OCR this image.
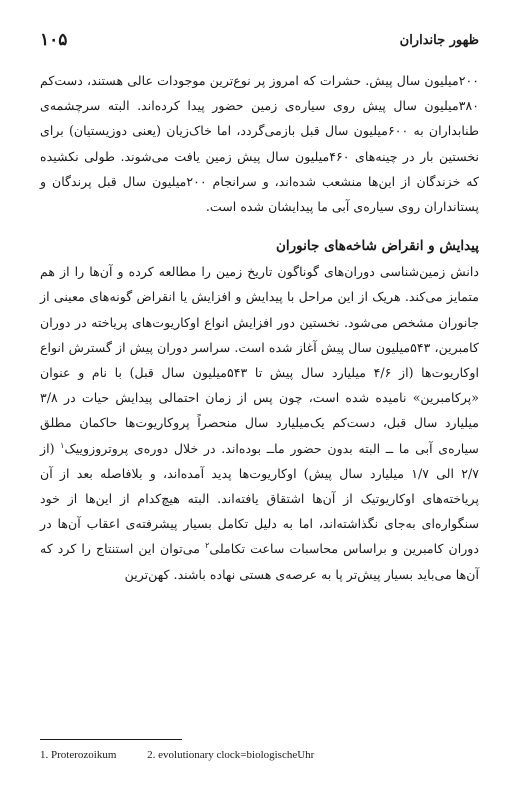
۱۰۵	ظهور جانداران

۲۰۰میلیون سال پیش. حشرات که امروز پر نوع‌ترین موجودات عالی هستند، دست‌کم ۳۸۰میلیون سال پیش روی سیاره‌ی زمین حضور پیدا کرده‌اند. البته سرچشمه‌ی طنابداران به ۶۰۰میلیون سال قبل بازمی‌گردد، اما خاک‌زیان (یعنی دوزیستیان) برای نخستین بار در چینه‌های ۴۶۰میلیون سال پیش زمین یافت می‌شوند. طولی نکشیده که خزندگان از این‌ها منشعب شده‌اند، و سرانجام ۲۰۰میلیون سال قبل پرندگان و پستانداران روی سیاره‌ی آبی ما پیدایشان شده است.

پیدایش و انقراض شاخه‌های جانوران

دانش زمین‌شناسی دوران‌های گوناگون تاریخ زمین را مطالعه کرده و آن‌ها را از هم متمایز می‌کند. هریک از این مراحل با پیدایش و افزایش یا انقراض گونه‌های معینی از جانوران مشخص می‌شود. نخستین دور افزایش انواع اوکاریوت‌های پریاخته در دوران کامبرین، ۵۴۳میلیون سال پیش آغاز شده است. سراسر دوران پیش از گسترش انواع اوکاریوت‌ها (از ۴/۶ میلیارد سال پیش تا ۵۴۳میلیون سال قبل) با نام و عنوان «پرکامبرین» نامیده شده است، چون پس از زمان احتمالی پیدایش حیات در ۳/۸ میلیارد سال قبل، دست‌کم یک‌میلیارد سال منحصراً پروکاریوت‌ها حاکمان مطلق سیاره‌ی آبی ما ــ البته بدون حضور ماــ بوده‌اند. در خلال دوره‌ی پروتروزوییک$^۱$ (از ۲/۷ الی ۱/۷ میلیارد سال پیش) اوکاریوت‌ها پدید آمده‌اند، و بلافاصله بعد از آن پریاخته‌های اوکاریوتیک از آن‌ها اشتقاق یافته‌اند. البته هیچ‌کدام از این‌ها از خود سنگواره‌ای به‌جای نگذاشته‌اند، اما به دلیل تکامل بسیار پیشرفته‌ی اعقاب آن‌ها در دوران کامبرین و براساس محاسبات ساعت تکاملی$^۲$ می‌توان این استنتاج را کرد که آن‌ها می‌باید بسیار پیش‌تر پا به عرصه‌ی هستی نهاده باشند. کهن‌ترین

1. Proterozoikum	2. evolutionary clock=biologischeUhr
